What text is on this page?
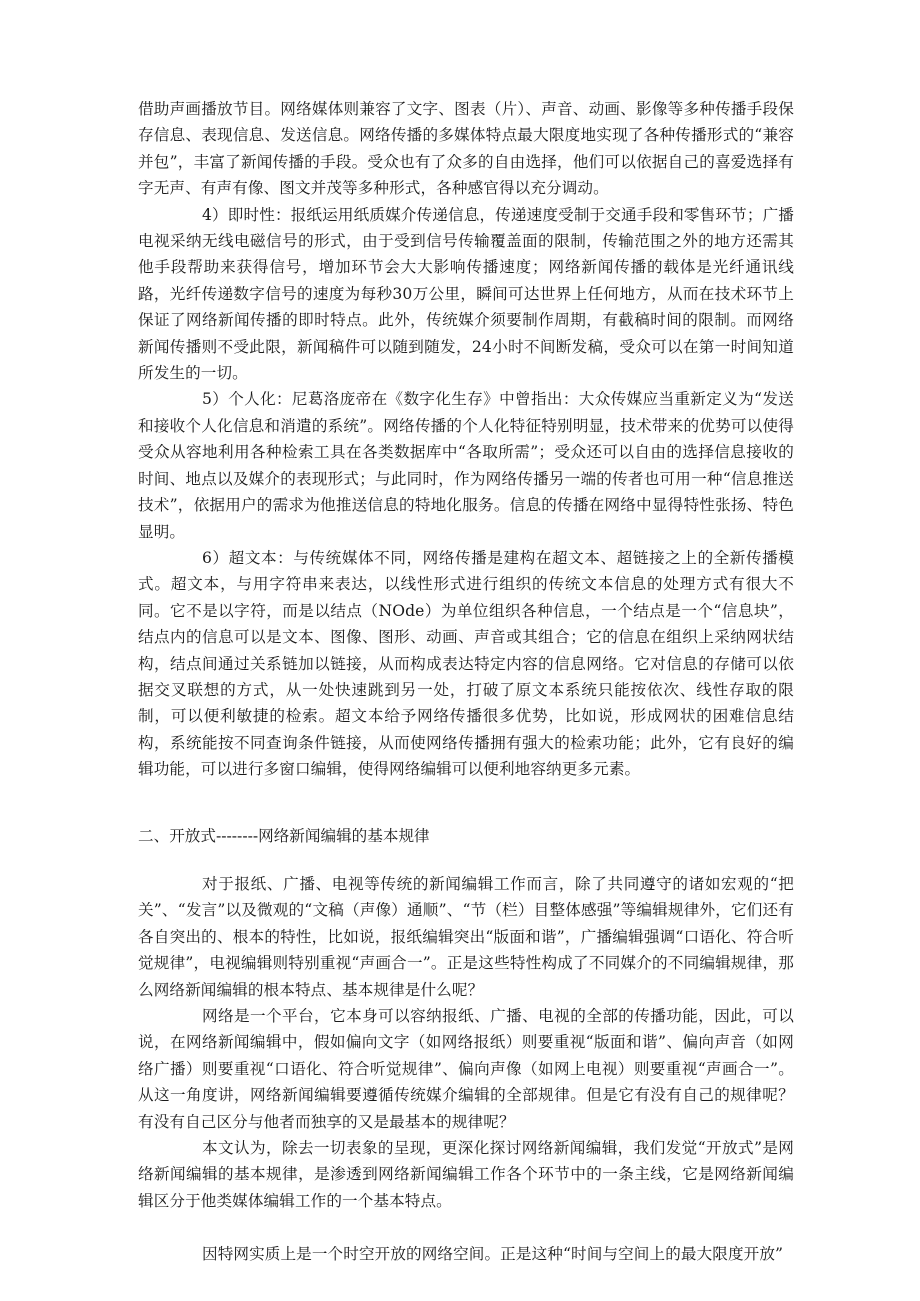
借助声画播放节目。网络媒体则兼容了文字、图表（片）、声音、动画、影像等多种传播手段保存信息、表现信息、发送信息。网络传播的多媒体特点最大限度地实现了各种传播形式的“兼容并包”，丰富了新闻传播的手段。受众也有了众多的自由选择，他们可以依据自己的喜爱选择有字无声、有声有像、图文并茂等多种形式，各种感官得以充分调动。

4）即时性：报纸运用纸质媒介传递信息，传递速度受制于交通手段和零售环节；广播电视采纳无线电磁信号的形式，由于受到信号传输覆盖面的限制，传输范围之外的地方还需其他手段帮助来获得信号，增加环节会大大影响传播速度；网络新闻传播的载体是光纤通讯线路，光纤传递数字信号的速度为每秒30万公里，瞬间可达世界上任何地方，从而在技术环节上保证了网络新闻传播的即时特点。此外，传统媒介须要制作周期，有截稿时间的限制。而网络新闻传播则不受此限，新闻稿件可以随到随发，24小时不间断发稿，受众可以在第一时间知道所发生的一切。

5）个人化：尼葛洛庞帝在《数字化生存》中曾指出：大众传媒应当重新定义为“发送和接收个人化信息和消遣的系统”。网络传播的个人化特征特别明显，技术带来的优势可以使得受众从容地利用各种检索工具在各类数据库中“各取所需”；受众还可以自由的选择信息接收的时间、地点以及媒介的表现形式；与此同时，作为网络传播另一端的传者也可用一种“信息推送技术”，依据用户的需求为他推送信息的特地化服务。信息的传播在网络中显得特性张扬、特色显明。

6）超文本：与传统媒体不同，网络传播是建构在超文本、超链接之上的全新传播模式。超文本，与用字符串来表达，以线性形式进行组织的传统文本信息的处理方式有很大不同。它不是以字符，而是以结点（NOde）为单位组织各种信息，一个结点是一个“信息块”，结点内的信息可以是文本、图像、图形、动画、声音或其组合；它的信息在组织上采纳网状结构，结点间通过关系链加以链接，从而构成表达特定内容的信息网络。它对信息的存储可以依据交叉联想的方式，从一处快速跳到另一处，打破了原文本系统只能按依次、线性存取的限制，可以便利敏捷的检索。超文本给予网络传播很多优势，比如说，形成网状的困难信息结构，系统能按不同查询条件链接，从而使网络传播拥有强大的检索功能；此外，它有良好的编辑功能，可以进行多窗口编辑，使得网络编辑可以便利地容纳更多元素。

二、开放式--------网络新闻编辑的基本规律

对于报纸、广播、电视等传统的新闻编辑工作而言，除了共同遵守的诸如宏观的“把关”、“发言”以及微观的“文稿（声像）通顺”、“节（栏）目整体感强”等编辑规律外，它们还有各自突出的、根本的特性，比如说，报纸编辑突出“版面和谐”，广播编辑强调“口语化、符合听觉规律”，电视编辑则特别重视“声画合一”。正是这些特性构成了不同媒介的不同编辑规律，那么网络新闻编辑的根本特点、基本规律是什么呢？

网络是一个平台，它本身可以容纳报纸、广播、电视的全部的传播功能，因此，可以说，在网络新闻编辑中，假如偏向文字（如网络报纸）则要重视“版面和谐”、偏向声音（如网络广播）则要重视“口语化、符合听觉规律”、偏向声像（如网上电视）则要重视“声画合一”。从这一角度讲，网络新闻编辑要遵循传统媒介编辑的全部规律。但是它有没有自己的规律呢？有没有自己区分与他者而独享的又是最基本的规律呢？

本文认为，除去一切表象的呈现，更深化探讨网络新闻编辑，我们发觉“开放式”是网络新闻编辑的基本规律，是渗透到网络新闻编辑工作各个环节中的一条主线，它是网络新闻编辑区分于他类媒体编辑工作的一个基本特点。

因特网实质上是一个时空开放的网络空间。正是这种“时间与空间上的最大限度开放”
